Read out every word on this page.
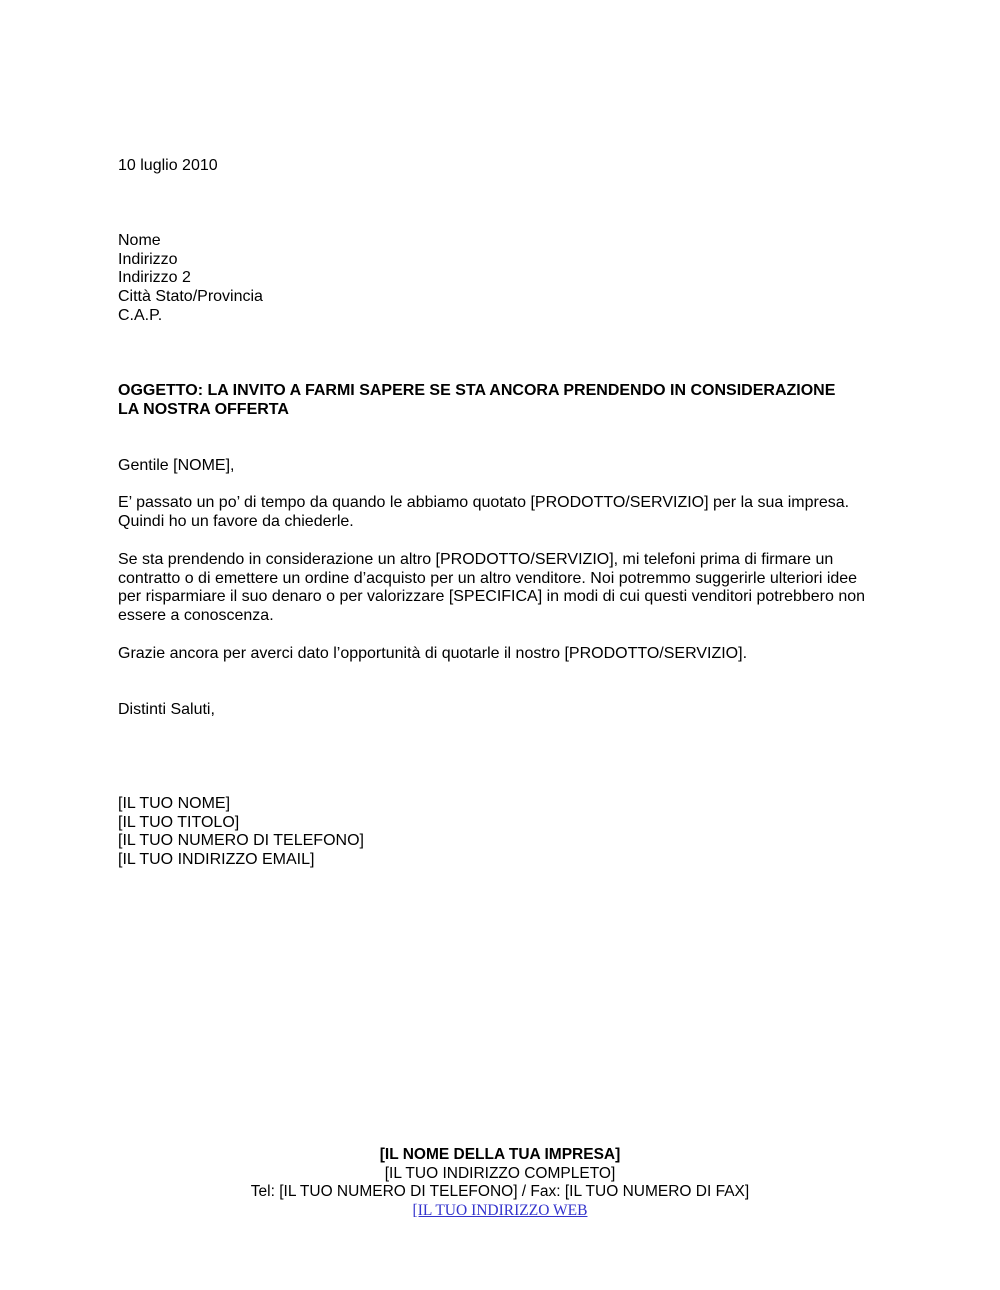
10 luglio 2010
Nome
Indirizzo
Indirizzo 2
Città Stato/Provincia
C.A.P.
OGGETTO: LA INVITO A FARMI SAPERE SE STA ANCORA PRENDENDO IN CONSIDERAZIONE
LA NOSTRA OFFERTA
Gentile [NOME],
E’ passato un po’ di tempo da quando le abbiamo quotato [PRODOTTO/SERVIZIO] per la sua impresa.
Quindi ho un favore da chiederle.
Se sta prendendo in considerazione un altro [PRODOTTO/SERVIZIO], mi telefoni prima di firmare un
contratto o di emettere un ordine d’acquisto per un altro venditore. Noi potremmo suggerirle ulteriori idee
per risparmiare il suo denaro o per valorizzare [SPECIFICA] in modi di cui questi venditori potrebbero non
essere a conoscenza.
Grazie ancora per averci dato l’opportunità di quotarle il nostro [PRODOTTO/SERVIZIO].
Distinti Saluti,
[IL TUO NOME]
[IL TUO TITOLO]
[IL TUO NUMERO DI TELEFONO]
[IL TUO INDIRIZZO EMAIL]
[IL NOME DELLA TUA IMPRESA]
[IL TUO INDIRIZZO COMPLETO]
Tel: [IL TUO NUMERO DI TELEFONO] / Fax: [IL TUO NUMERO DI FAX]
[IL TUO INDIRIZZO WEB
